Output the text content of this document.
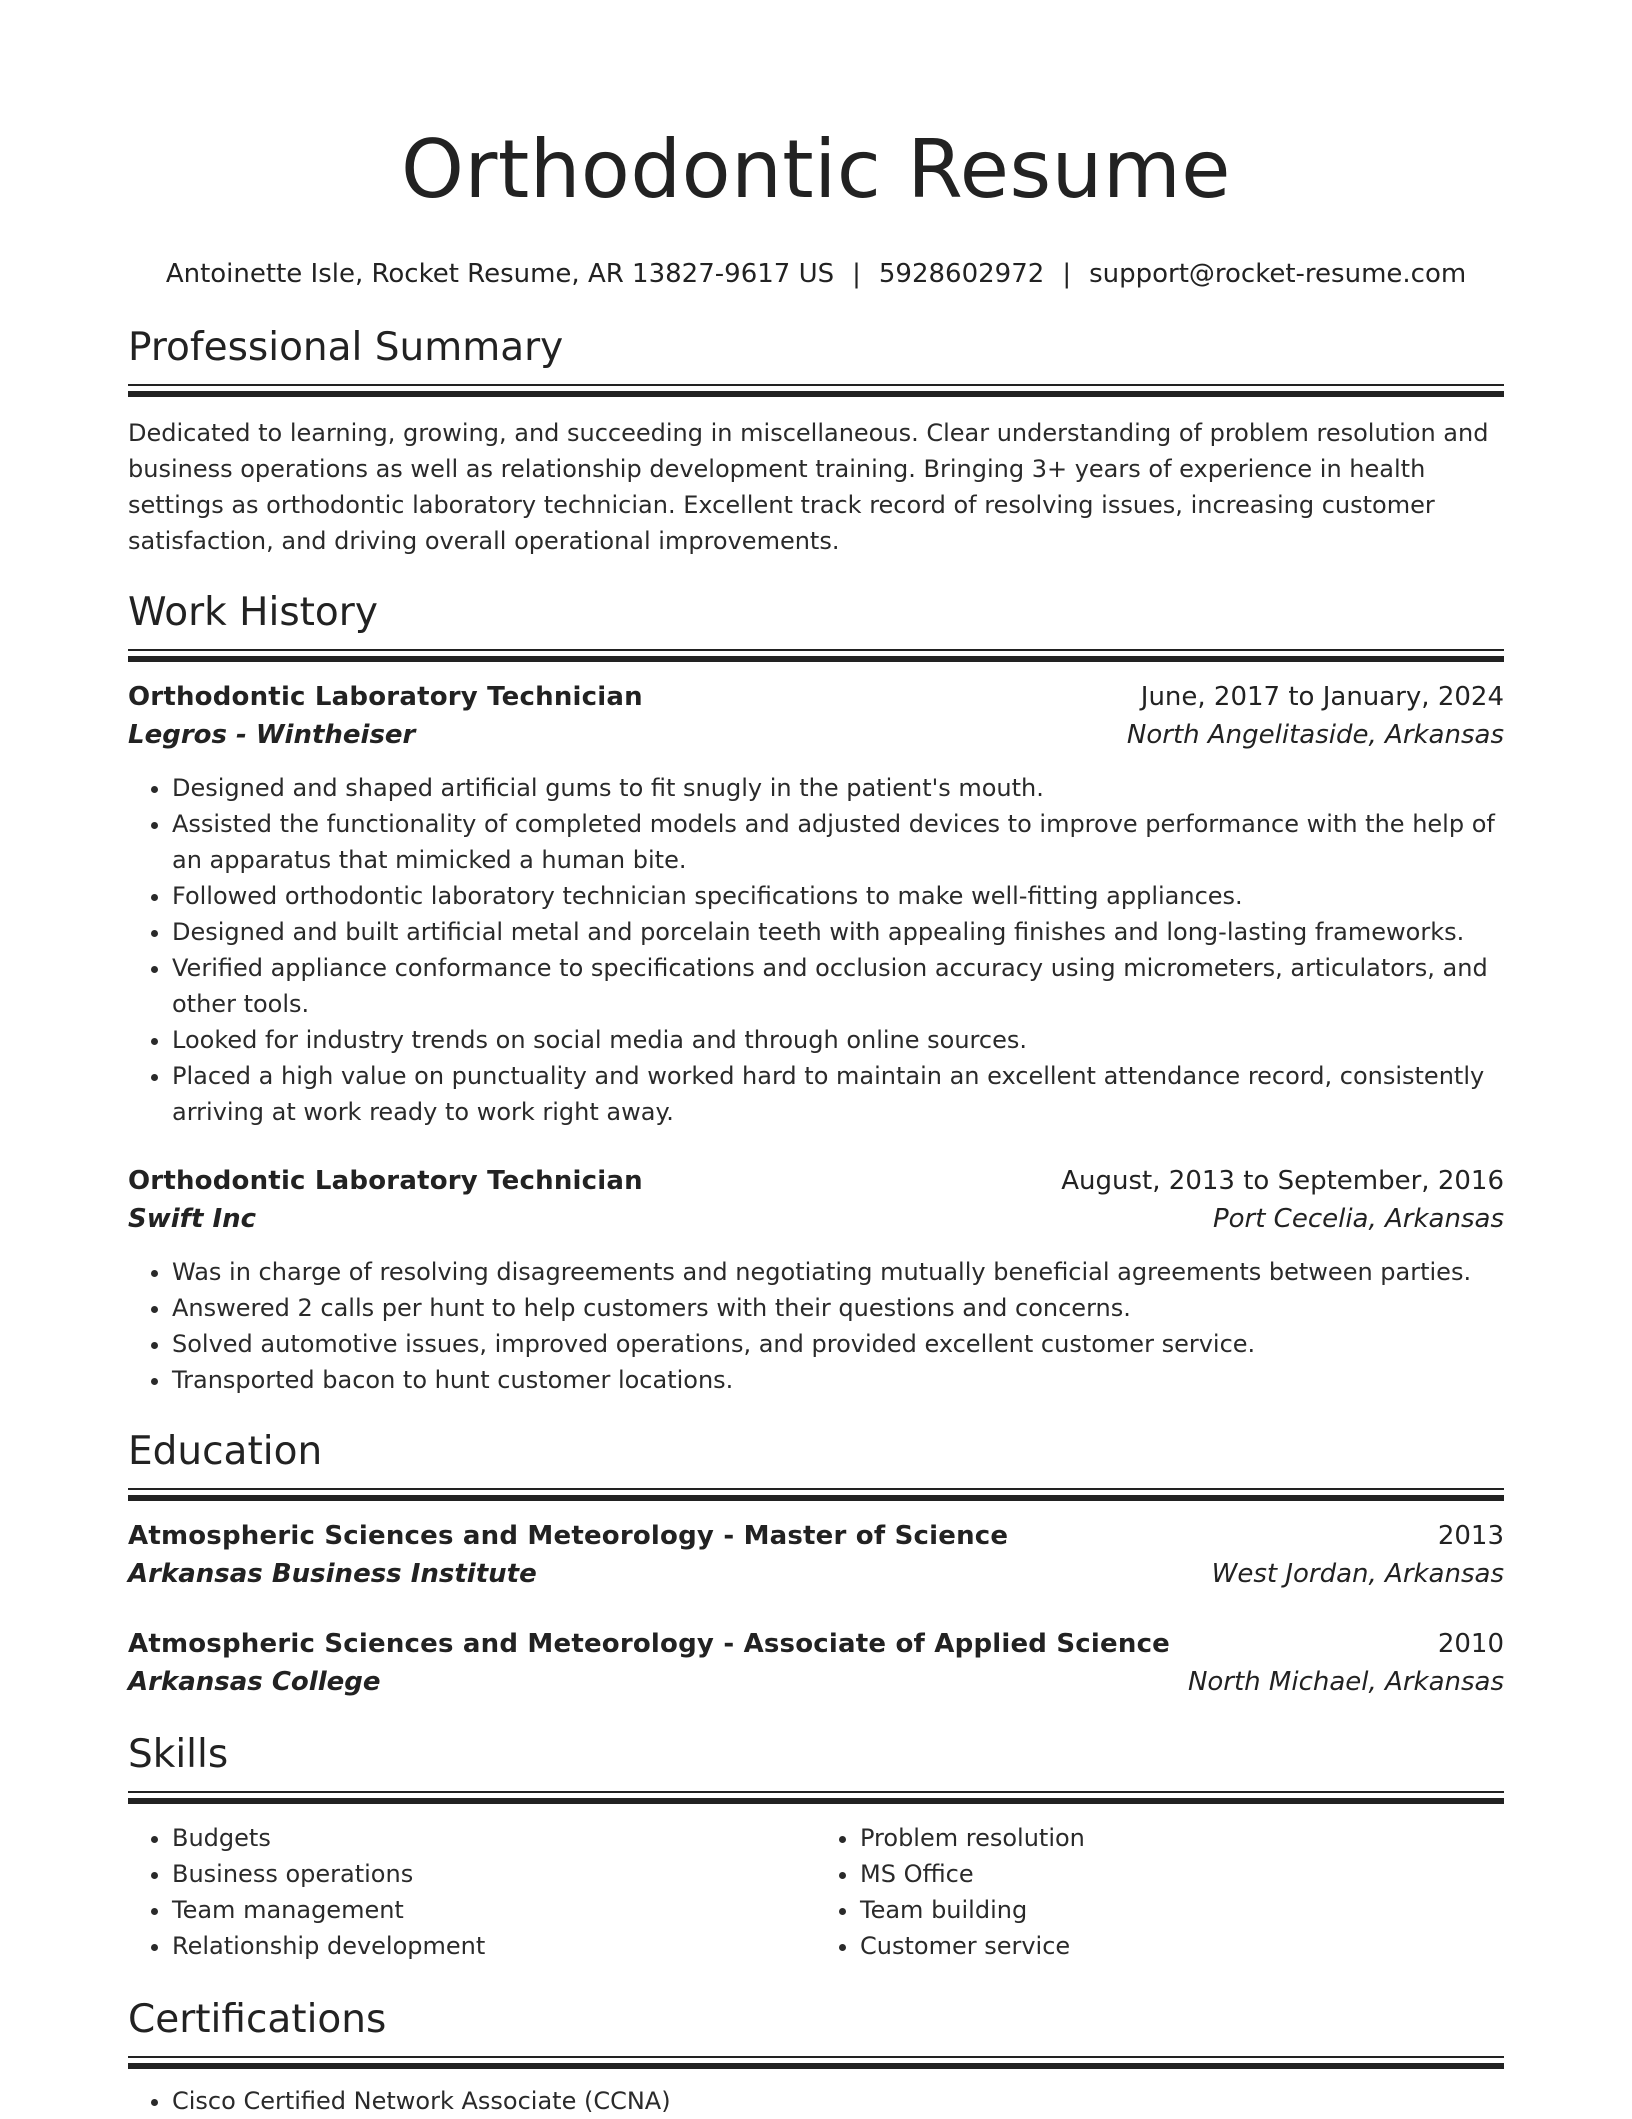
Orthodontic Resume
Antoinette Isle, Rocket Resume, AR 13827-9617 US | 5928602972 | support@rocket-resume.com
Professional Summary
Dedicated to learning, growing, and succeeding in miscellaneous. Clear understanding of problem resolution and business operations as well as relationship development training. Bringing 3+ years of experience in health settings as orthodontic laboratory technician. Excellent track record of resolving issues, increasing customer satisfaction, and driving overall operational improvements.
Work History
Orthodontic Laboratory Technician	June, 2017 to January, 2024
Legros - Wintheiser	North Angelitaside, Arkansas
• Designed and shaped artificial gums to fit snugly in the patient's mouth.
• Assisted the functionality of completed models and adjusted devices to improve performance with the help of an apparatus that mimicked a human bite.
• Followed orthodontic laboratory technician specifications to make well-fitting appliances.
• Designed and built artificial metal and porcelain teeth with appealing finishes and long-lasting frameworks.
• Verified appliance conformance to specifications and occlusion accuracy using micrometers, articulators, and other tools.
• Looked for industry trends on social media and through online sources.
• Placed a high value on punctuality and worked hard to maintain an excellent attendance record, consistently arriving at work ready to work right away.
Orthodontic Laboratory Technician	August, 2013 to September, 2016
Swift Inc	Port Cecelia, Arkansas
• Was in charge of resolving disagreements and negotiating mutually beneficial agreements between parties.
• Answered 2 calls per hunt to help customers with their questions and concerns.
• Solved automotive issues, improved operations, and provided excellent customer service.
• Transported bacon to hunt customer locations.
Education
Atmospheric Sciences and Meteorology - Master of Science	2013
Arkansas Business Institute	West Jordan, Arkansas
Atmospheric Sciences and Meteorology - Associate of Applied Science	2010
Arkansas College	North Michael, Arkansas
Skills
• Budgets
• Business operations
• Team management
• Relationship development
• Problem resolution
• MS Office
• Team building
• Customer service
Certifications
• Cisco Certified Network Associate (CCNA)
